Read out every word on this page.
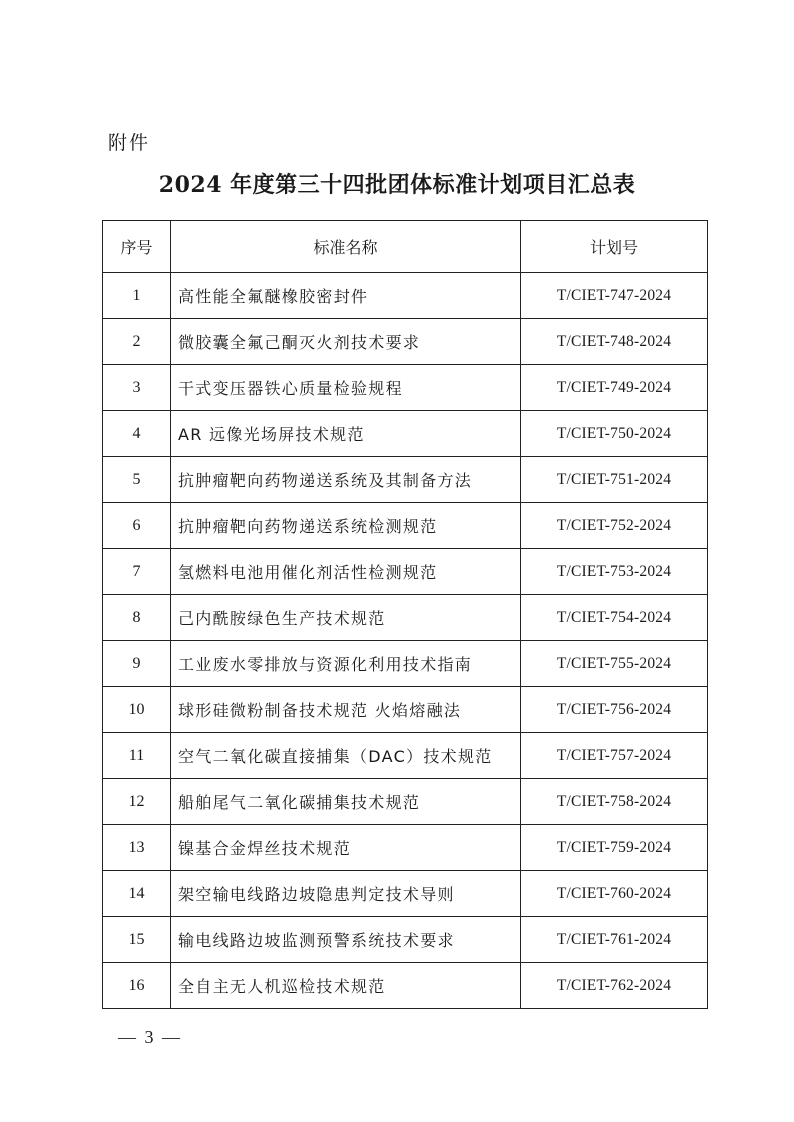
附件
2024 年度第三十四批团体标准计划项目汇总表
序号	标准名称	计划号
1	高性能全氟醚橡胶密封件	T/CIET-747-2024
2	微胶囊全氟己酮灭火剂技术要求	T/CIET-748-2024
3	干式变压器铁心质量检验规程	T/CIET-749-2024
4	AR 远像光场屏技术规范	T/CIET-750-2024
5	抗肿瘤靶向药物递送系统及其制备方法	T/CIET-751-2024
6	抗肿瘤靶向药物递送系统检测规范	T/CIET-752-2024
7	氢燃料电池用催化剂活性检测规范	T/CIET-753-2024
8	己内酰胺绿色生产技术规范	T/CIET-754-2024
9	工业废水零排放与资源化利用技术指南	T/CIET-755-2024
10	球形硅微粉制备技术规范 火焰熔融法	T/CIET-756-2024
11	空气二氧化碳直接捕集（DAC）技术规范	T/CIET-757-2024
12	船舶尾气二氧化碳捕集技术规范	T/CIET-758-2024
13	镍基合金焊丝技术规范	T/CIET-759-2024
14	架空输电线路边坡隐患判定技术导则	T/CIET-760-2024
15	输电线路边坡监测预警系统技术要求	T/CIET-761-2024
16	全自主无人机巡检技术规范	T/CIET-762-2024
— 3 —
